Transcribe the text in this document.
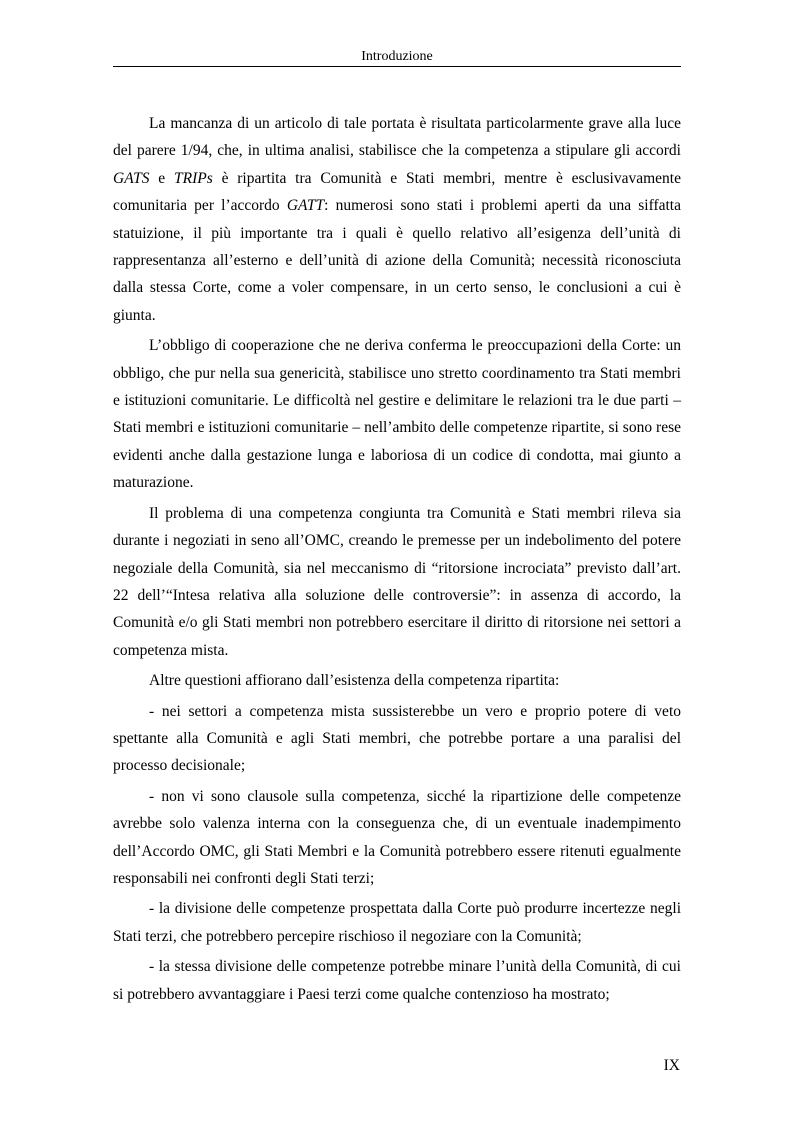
Introduzione

La mancanza di un articolo di tale portata è risultata particolarmente grave alla luce del parere 1/94, che, in ultima analisi, stabilisce che la competenza a stipulare gli accordi GATS e TRIPs è ripartita tra Comunità e Stati membri, mentre è esclusivavamente comunitaria per l’accordo GATT: numerosi sono stati i problemi aperti da una siffatta statuizione, il più importante tra i quali è quello relativo all’esigenza dell’unità di rappresentanza all’esterno e dell’unità di azione della Comunità; necessità riconosciuta dalla stessa Corte, come a voler compensare, in un certo senso, le conclusioni a cui è giunta.

L’obbligo di cooperazione che ne deriva conferma le preoccupazioni della Corte: un obbligo, che pur nella sua genericità, stabilisce uno stretto coordinamento tra Stati membri e istituzioni comunitarie. Le difficoltà nel gestire e delimitare le relazioni tra le due parti – Stati membri e istituzioni comunitarie – nell’ambito delle competenze ripartite, si sono rese evidenti anche dalla gestazione lunga e laboriosa di un codice di condotta, mai giunto a maturazione.

Il problema di una competenza congiunta tra Comunità e Stati membri rileva sia durante i negoziati in seno all’OMC, creando le premesse per un indebolimento del potere negoziale della Comunità, sia nel meccanismo di “ritorsione incrociata” previsto dall’art. 22 dell’“Intesa relativa alla soluzione delle controversie”: in assenza di accordo, la Comunità e/o gli Stati membri non potrebbero esercitare il diritto di ritorsione nei settori a competenza mista.

Altre questioni affiorano dall’esistenza della competenza ripartita:

- nei settori a competenza mista sussisterebbe un vero e proprio potere di veto spettante alla Comunità e agli Stati membri, che potrebbe portare a una paralisi del processo decisionale;

- non vi sono clausole sulla competenza, sicché la ripartizione delle competenze avrebbe solo valenza interna con la conseguenza che, di un eventuale inadempimento dell’Accordo OMC, gli Stati Membri e la Comunità potrebbero essere ritenuti egualmente responsabili nei confronti degli Stati terzi;

- la divisione delle competenze prospettata dalla Corte può produrre incertezze negli Stati terzi, che potrebbero percepire rischioso il negoziare con la Comunità;

- la stessa divisione delle competenze potrebbe minare l’unità della Comunità, di cui si potrebbero avvantaggiare i Paesi terzi come qualche contenzioso ha mostrato;

IX
